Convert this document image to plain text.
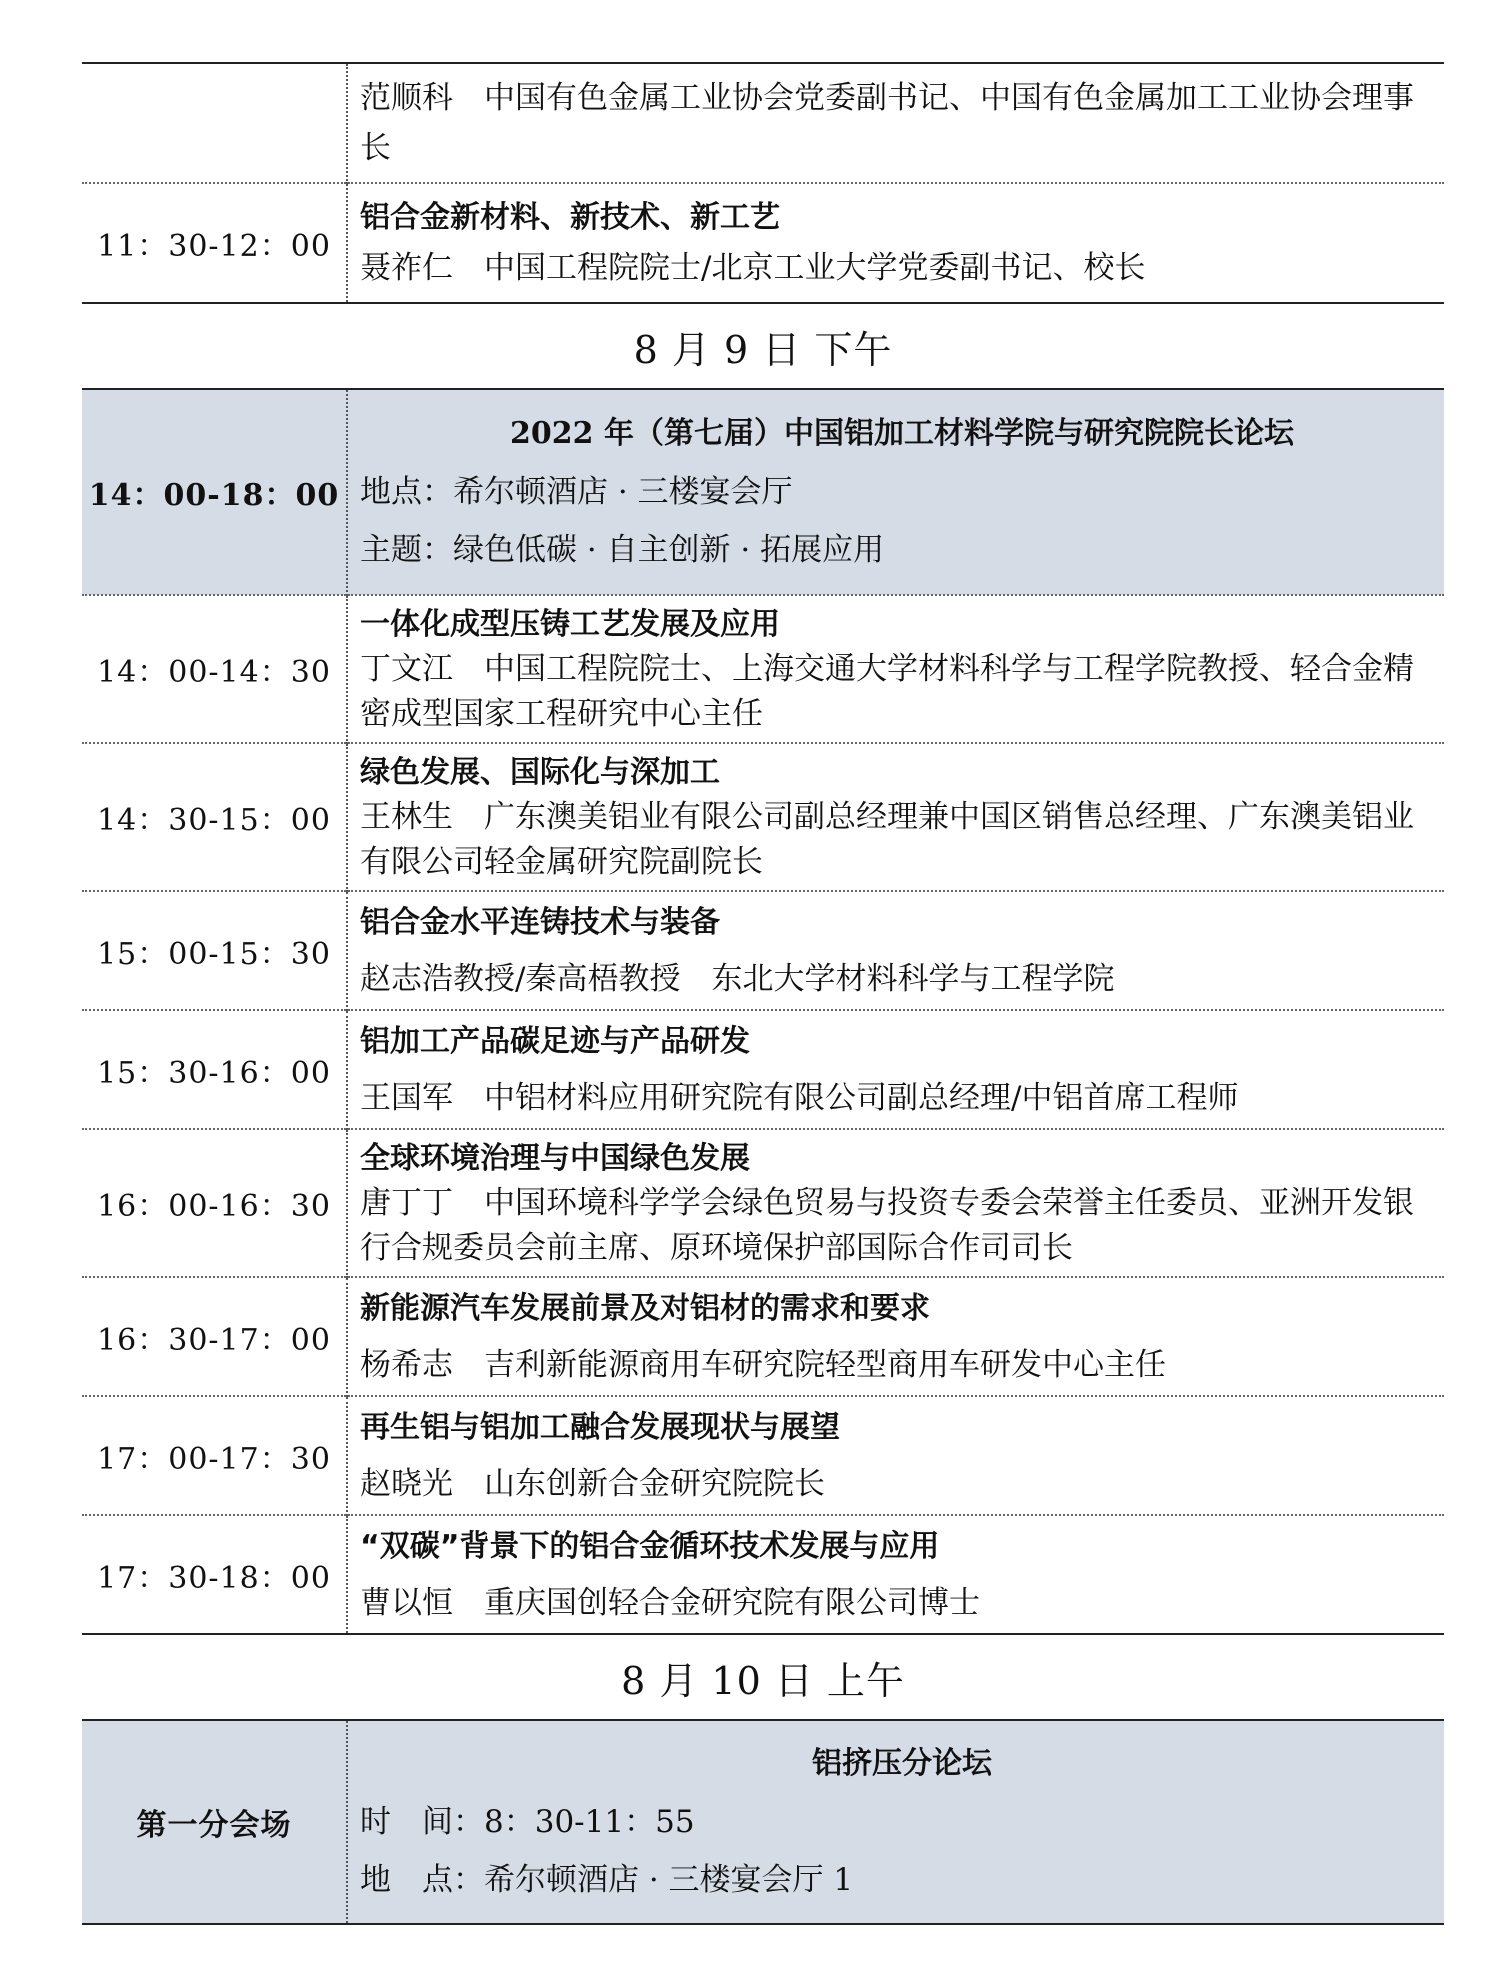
	范顺科　中国有色金属工业协会党委副书记、中国有色金属加工工业协会理事长

11：30-12：00	铝合金新材料、新技术、新工艺
聂祚仁　中国工程院院士/北京工业大学党委副书记、校长

8 月 9 日 下午	
14：00-18：00	2022 年（第七届）中国铝加工材料学院与研究院院长论坛
地点：希尔顿酒店 · 三楼宴会厅
主题：绿色低碳 · 自主创新 · 拓展应用

14：00-14：30	一体化成型压铸工艺发展及应用
丁文江　中国工程院院士、上海交通大学材料科学与工程学院教授、轻合金精密成型国家工程研究中心主任

14：30-15：00	绿色发展、国际化与深加工
王林生　广东澳美铝业有限公司副总经理兼中国区销售总经理、广东澳美铝业有限公司轻金属研究院副院长

15：00-15：30	铝合金水平连铸技术与装备
赵志浩教授/秦高梧教授　东北大学材料科学与工程学院

15：30-16：00	铝加工产品碳足迹与产品研发
王国军　中铝材料应用研究院有限公司副总经理/中铝首席工程师

16：00-16：30	全球环境治理与中国绿色发展
唐丁丁　中国环境科学学会绿色贸易与投资专委会荣誉主任委员、亚洲开发银行合规委员会前主席、原环境保护部国际合作司司长

16：30-17：00	新能源汽车发展前景及对铝材的需求和要求
杨希志　吉利新能源商用车研究院轻型商用车研发中心主任

17：00-17：30	再生铝与铝加工融合发展现状与展望
赵晓光　山东创新合金研究院院长

17：30-18：00	“双碳”背景下的铝合金循环技术发展与应用
曹以恒　重庆国创轻合金研究院有限公司博士

8 月 10 日 上午	
第一分会场	铝挤压分论坛
时　间：8：30-11：55
地　点：希尔顿酒店 · 三楼宴会厅 1
